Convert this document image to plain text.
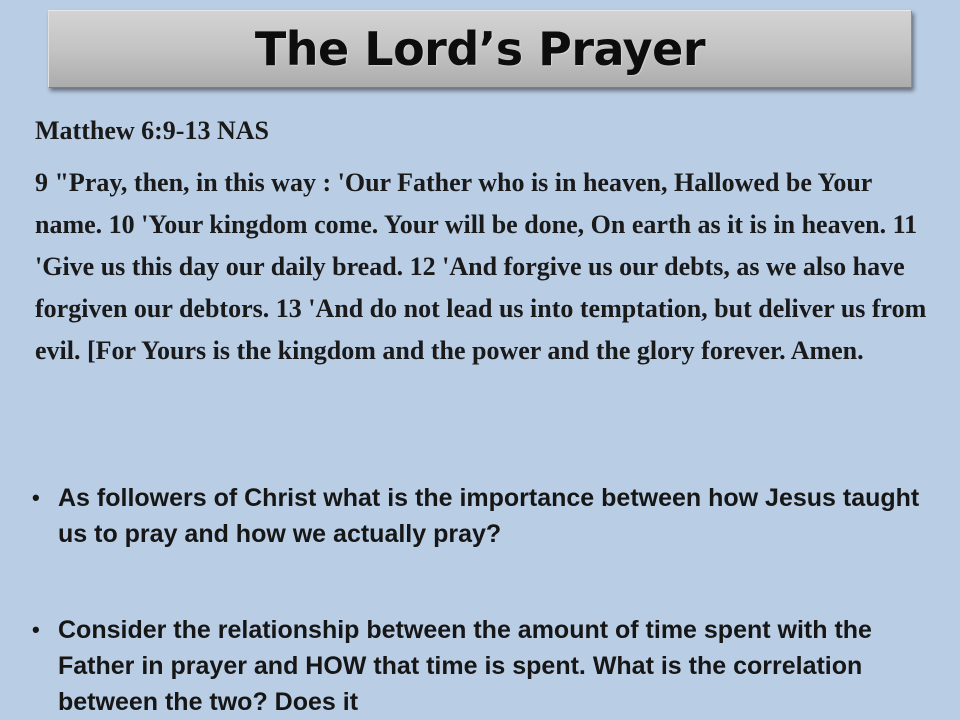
The Lord’s Prayer
Matthew 6:9-13 NAS

9 "Pray, then, in this way : 'Our Father who is in heaven, Hallowed be Your name. 10 'Your kingdom come. Your will be done, On earth as it is in heaven. 11 'Give us this day our daily bread. 12 'And forgive us our debts, as we also have forgiven our debtors. 13 'And do not lead us into temptation, but deliver us from evil. [For Yours is the kingdom and the power and the glory forever. Amen.

• As followers of Christ what is the importance between how Jesus taught us to pray and how we actually pray?
• Consider the relationship between the amount of time spent with the Father in prayer and HOW that time is spent. What is the correlation between the two? Does it
